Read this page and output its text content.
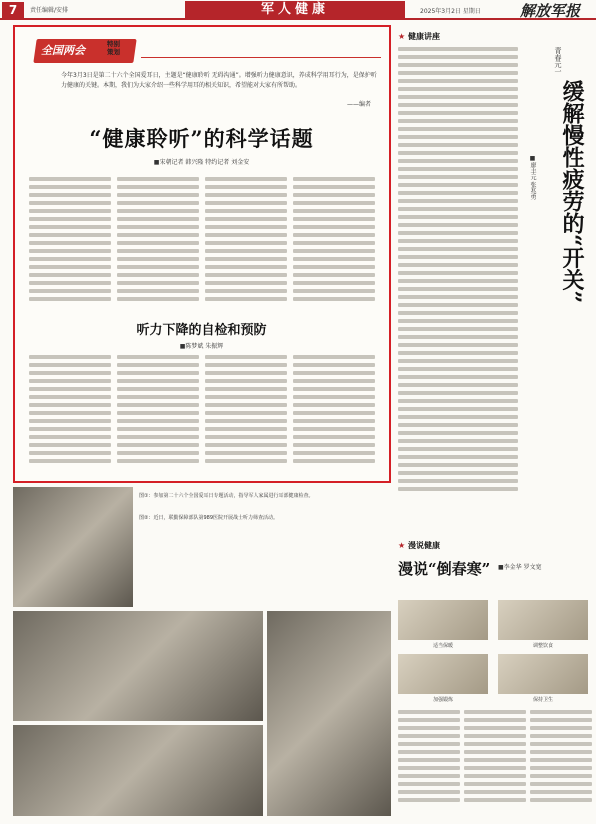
7	责任编辑/安排	军人健康	2025年3月2日 星期日	解放军报
全国两会	特别策划
今年3月3日是第二十六个全国爱耳日，主题是“健康聆听 无碍沟通”。增强听力健康意识，养成科学用耳行为，是保护听力健康的关键。本期，我们为大家介绍一些科学用耳的相关知识，希望能对大家有所帮助。
——编者
“健康聆听”的科学话题
■宋朝记者 韩兴隆 特约记者 刘金安
听力下降的自检和预防
■陈梦斌 朱振辉
图①：参加第二十六个全国爱耳日专题活动，指导军人家属进行耳部健康检查。
图②：近日，联勤保障部队第989医院开展战士听力筛查活动。
★ 健康讲座
青春元一
缓解慢性疲劳的“开关”
■廖丰元 张兆勇
★ 漫说健康
漫说“倒春寒”	■李金华 罗文宽
适当保暖	调整饮食
加强锻炼	保持卫生
